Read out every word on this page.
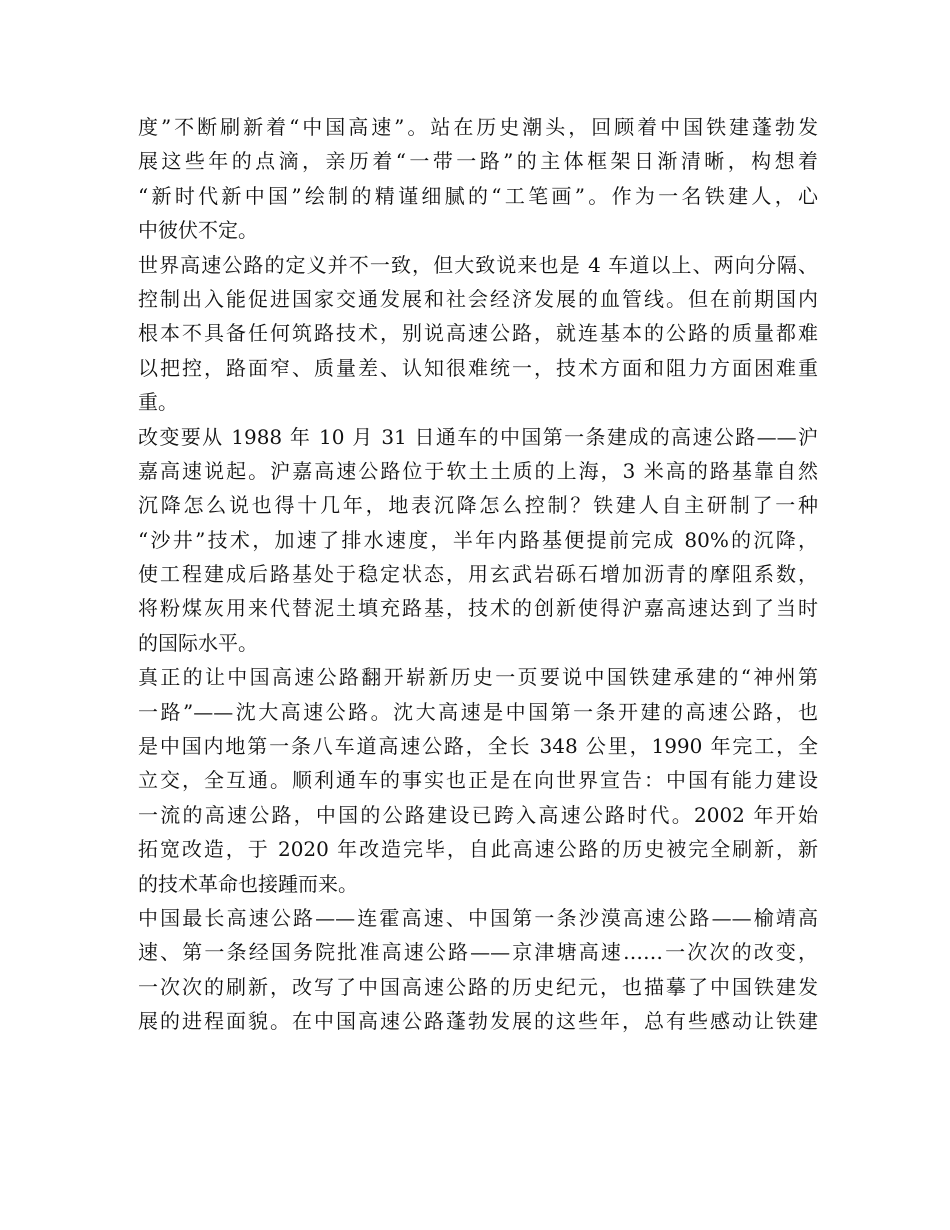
度”不断刷新着“中国高速”。站在历史潮头，回顾着中国铁建蓬勃发
展这些年的点滴，亲历着“一带一路”的主体框架日渐清晰，构想着
“新时代新中国”绘制的精谨细腻的“工笔画”。作为一名铁建人，心
中彼伏不定。
世界高速公路的定义并不一致，但大致说来也是 4 车道以上、两向分隔、
控制出入能促进国家交通发展和社会经济发展的血管线。但在前期国内
根本不具备任何筑路技术，别说高速公路，就连基本的公路的质量都难
以把控，路面窄、质量差、认知很难统一，技术方面和阻力方面困难重
重。
改变要从 1988 年 10 月 31 日通车的中国第一条建成的高速公路——沪
嘉高速说起。沪嘉高速公路位于软土土质的上海，3 米高的路基靠自然
沉降怎么说也得十几年，地表沉降怎么控制？铁建人自主研制了一种
“沙井”技术，加速了排水速度，半年内路基便提前完成 80%的沉降，
使工程建成后路基处于稳定状态，用玄武岩砾石增加沥青的摩阻系数，
将粉煤灰用来代替泥土填充路基，技术的创新使得沪嘉高速达到了当时
的国际水平。
真正的让中国高速公路翻开崭新历史一页要说中国铁建承建的“神州第
一路”——沈大高速公路。沈大高速是中国第一条开建的高速公路，也
是中国内地第一条八车道高速公路，全长 348 公里，1990 年完工，全
立交，全互通。顺利通车的事实也正是在向世界宣告：中国有能力建设
一流的高速公路，中国的公路建设已跨入高速公路时代。2002 年开始
拓宽改造，于 2020 年改造完毕，自此高速公路的历史被完全刷新，新
的技术革命也接踵而来。
中国最长高速公路——连霍高速、中国第一条沙漠高速公路——榆靖高
速、第一条经国务院批准高速公路——京津塘高速……一次次的改变，
一次次的刷新，改写了中国高速公路的历史纪元，也描摹了中国铁建发
展的进程面貌。在中国高速公路蓬勃发展的这些年，总有些感动让铁建
